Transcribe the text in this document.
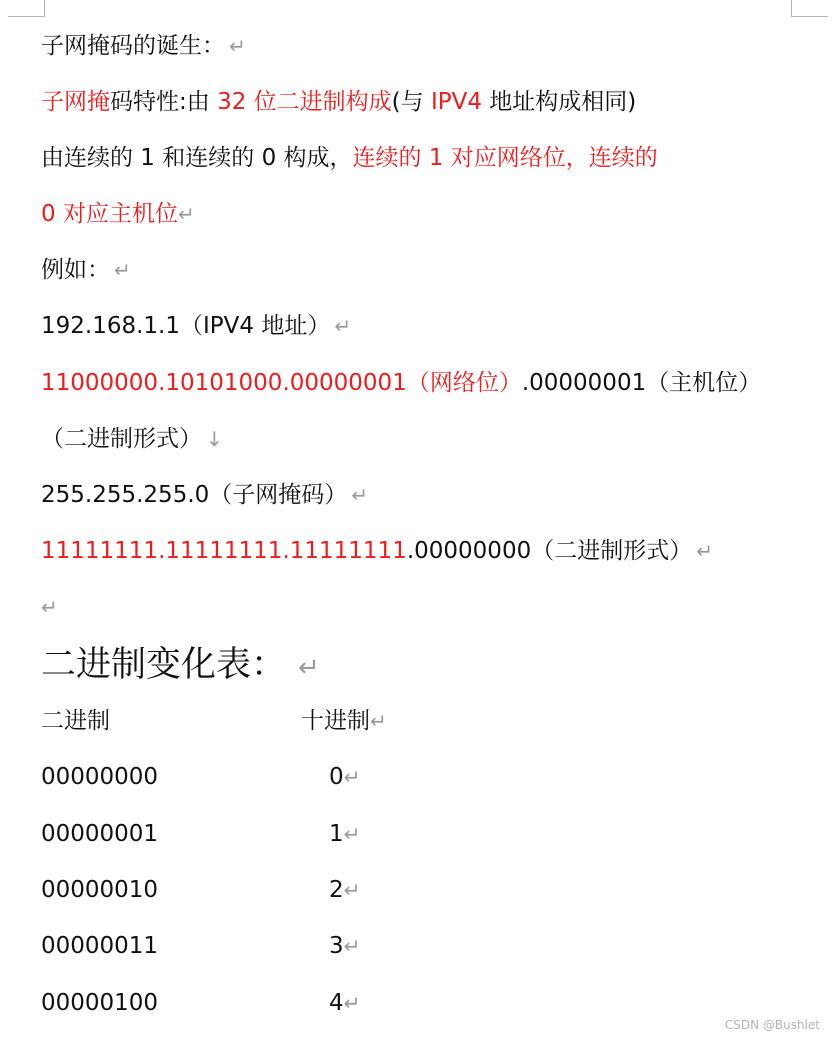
子网掩码的诞生： ↵
子网掩码特性:由 32 位二进制构成(与 IPV4 地址构成相同)
由连续的 1 和连续的 0 构成，连续的 1 对应网络位，连续的
0 对应主机位↵
例如： ↵
192.168.1.1（IPV4 地址） ↵
11000000.10101000.00000001（网络位）.00000001（主机位）
（二进制形式） ↓
255.255.255.0（子网掩码） ↵
11111111.11111111.11111111.00000000（二进制形式） ↵
↵
二进制变化表： ↵
二进制	十进制↵
00000000	0↵
00000001	1↵
00000010	2↵
00000011	3↵
00000100	4↵
CSDN @Bushlet
